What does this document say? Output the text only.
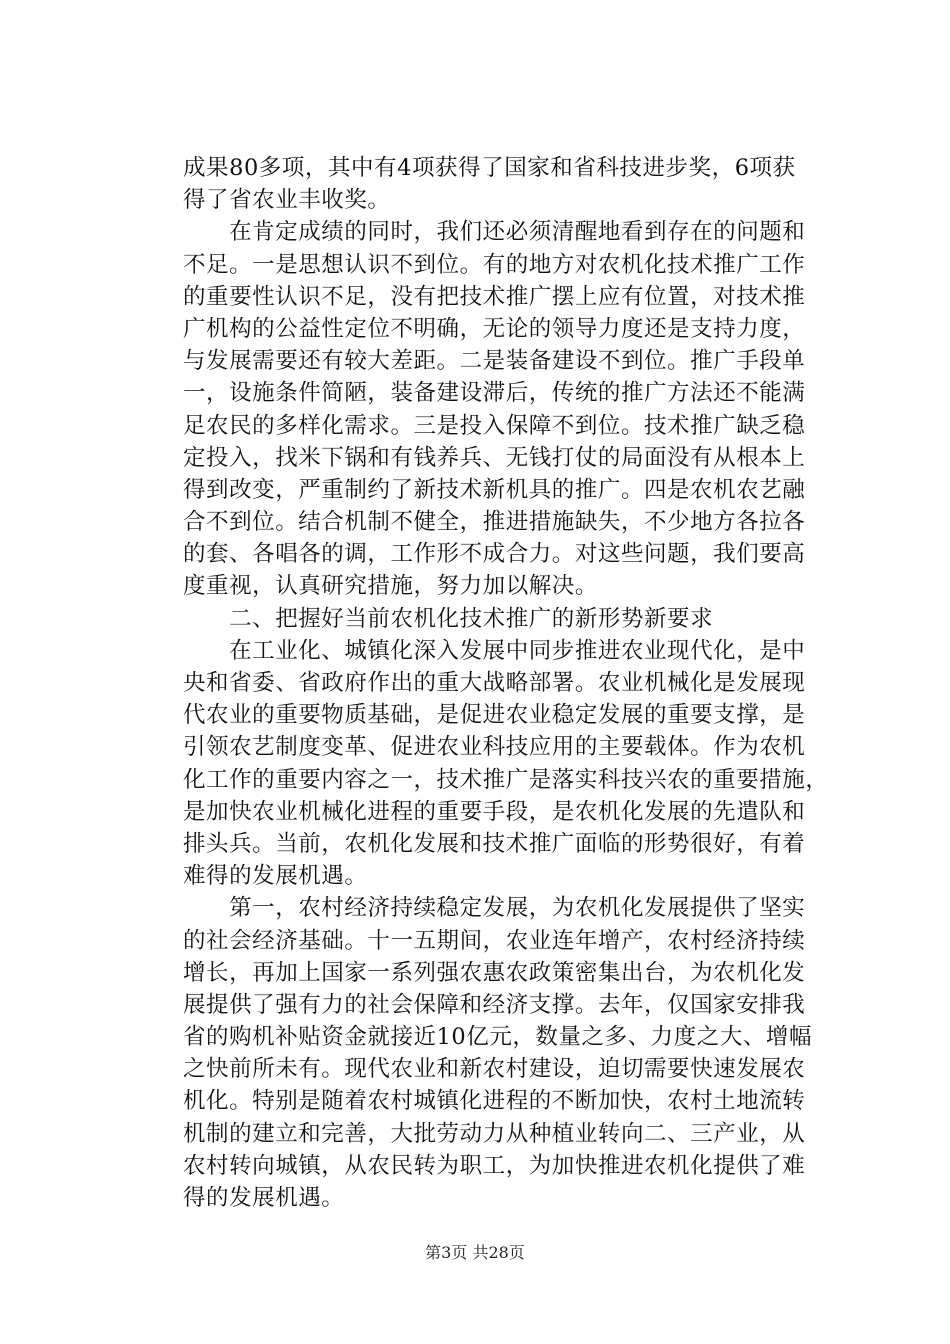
成果80多项，其中有4项获得了国家和省科技进步奖，6项获
得了省农业丰收奖。
　　在肯定成绩的同时，我们还必须清醒地看到存在的问题和
不足。一是思想认识不到位。有的地方对农机化技术推广工作
的重要性认识不足，没有把技术推广摆上应有位置，对技术推
广机构的公益性定位不明确，无论的领导力度还是支持力度，
与发展需要还有较大差距。二是装备建设不到位。推广手段单
一，设施条件简陋，装备建设滞后，传统的推广方法还不能满
足农民的多样化需求。三是投入保障不到位。技术推广缺乏稳
定投入，找米下锅和有钱养兵、无钱打仗的局面没有从根本上
得到改变，严重制约了新技术新机具的推广。四是农机农艺融
合不到位。结合机制不健全，推进措施缺失，不少地方各拉各
的套、各唱各的调，工作形不成合力。对这些问题，我们要高
度重视，认真研究措施，努力加以解决。
　　二、把握好当前农机化技术推广的新形势新要求
　　在工业化、城镇化深入发展中同步推进农业现代化，是中
央和省委、省政府作出的重大战略部署。农业机械化是发展现
代农业的重要物质基础，是促进农业稳定发展的重要支撑，是
引领农艺制度变革、促进农业科技应用的主要载体。作为农机
化工作的重要内容之一，技术推广是落实科技兴农的重要措施，
是加快农业机械化进程的重要手段，是农机化发展的先遣队和
排头兵。当前，农机化发展和技术推广面临的形势很好，有着
难得的发展机遇。
　　第一，农村经济持续稳定发展，为农机化发展提供了坚实
的社会经济基础。十一五期间，农业连年增产，农村经济持续
增长，再加上国家一系列强农惠农政策密集出台，为农机化发
展提供了强有力的社会保障和经济支撑。去年，仅国家安排我
省的购机补贴资金就接近10亿元，数量之多、力度之大、增幅
之快前所未有。现代农业和新农村建设，迫切需要快速发展农
机化。特别是随着农村城镇化进程的不断加快，农村土地流转
机制的建立和完善，大批劳动力从种植业转向二、三产业，从
农村转向城镇，从农民转为职工，为加快推进农机化提供了难
得的发展机遇。
第3页 共28页
